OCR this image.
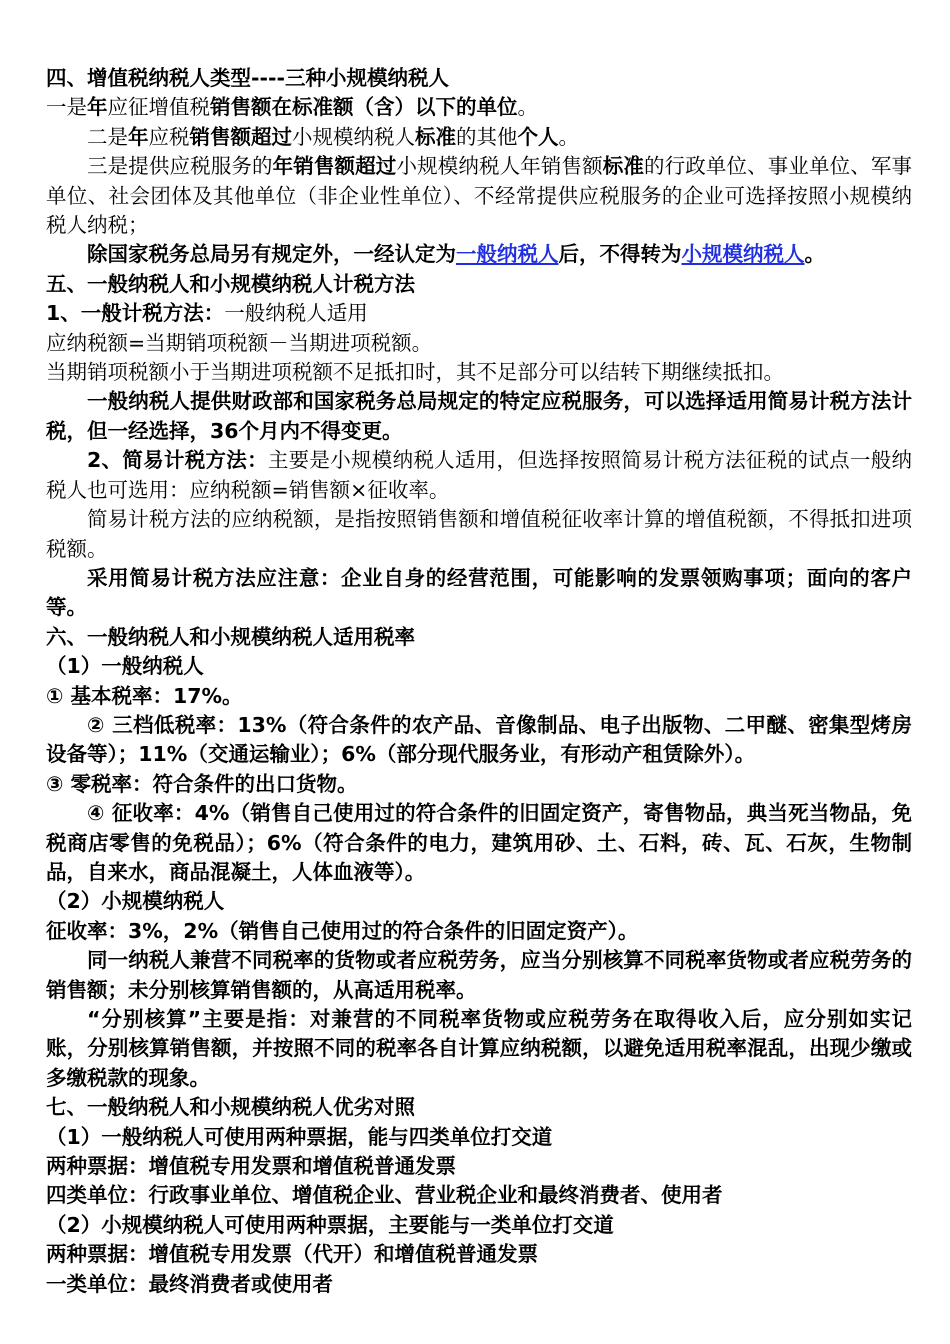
四、增值税纳税人类型----三种小规模纳税人

一是年应征增值税销售额在标准额（含）以下的单位。

二是年应税销售额超过小规模纳税人标准的其他个人。

三是提供应税服务的年销售额超过小规模纳税人年销售额标准的行政单位、事业单位、军事单位、社会团体及其他单位（非企业性单位）、不经常提供应税服务的企业可选择按照小规模纳税人纳税；

除国家税务总局另有规定外，一经认定为一般纳税人后，不得转为小规模纳税人。

五、一般纳税人和小规模纳税人计税方法

1、一般计税方法：一般纳税人适用

应纳税额=当期销项税额－当期进项税额。

当期销项税额小于当期进项税额不足抵扣时，其不足部分可以结转下期继续抵扣。

一般纳税人提供财政部和国家税务总局规定的特定应税服务，可以选择适用简易计税方法计税，但一经选择，36个月内不得变更。

2、简易计税方法：主要是小规模纳税人适用，但选择按照简易计税方法征税的试点一般纳税人也可选用：应纳税额=销售额×征收率。

简易计税方法的应纳税额，是指按照销售额和增值税征收率计算的增值税额，不得抵扣进项税额。

采用简易计税方法应注意：企业自身的经营范围，可能影响的发票领购事项；面向的客户等。

六、一般纳税人和小规模纳税人适用税率

（1）一般纳税人

① 基本税率：17%。

② 三档低税率：13%（符合条件的农产品、音像制品、电子出版物、二甲醚、密集型烤房设备等）；11%（交通运输业）；6%（部分现代服务业，有形动产租赁除外）。

③ 零税率：符合条件的出口货物。

④ 征收率：4%（销售自己使用过的符合条件的旧固定资产，寄售物品，典当死当物品，免税商店零售的免税品）；6%（符合条件的电力，建筑用砂、土、石料，砖、瓦、石灰，生物制品，自来水，商品混凝土，人体血液等）。

（2）小规模纳税人

征收率：3%，2%（销售自己使用过的符合条件的旧固定资产）。

同一纳税人兼营不同税率的货物或者应税劳务，应当分别核算不同税率货物或者应税劳务的销售额；未分别核算销售额的，从高适用税率。

“分别核算”主要是指：对兼营的不同税率货物或应税劳务在取得收入后，应分别如实记账，分别核算销售额，并按照不同的税率各自计算应纳税额，以避免适用税率混乱，出现少缴或多缴税款的现象。

七、一般纳税人和小规模纳税人优劣对照

（1）一般纳税人可使用两种票据，能与四类单位打交道

两种票据：增值税专用发票和增值税普通发票

四类单位：行政事业单位、增值税企业、营业税企业和最终消费者、使用者

（2）小规模纳税人可使用两种票据，主要能与一类单位打交道

两种票据：增值税专用发票（代开）和增值税普通发票

一类单位：最终消费者或使用者
